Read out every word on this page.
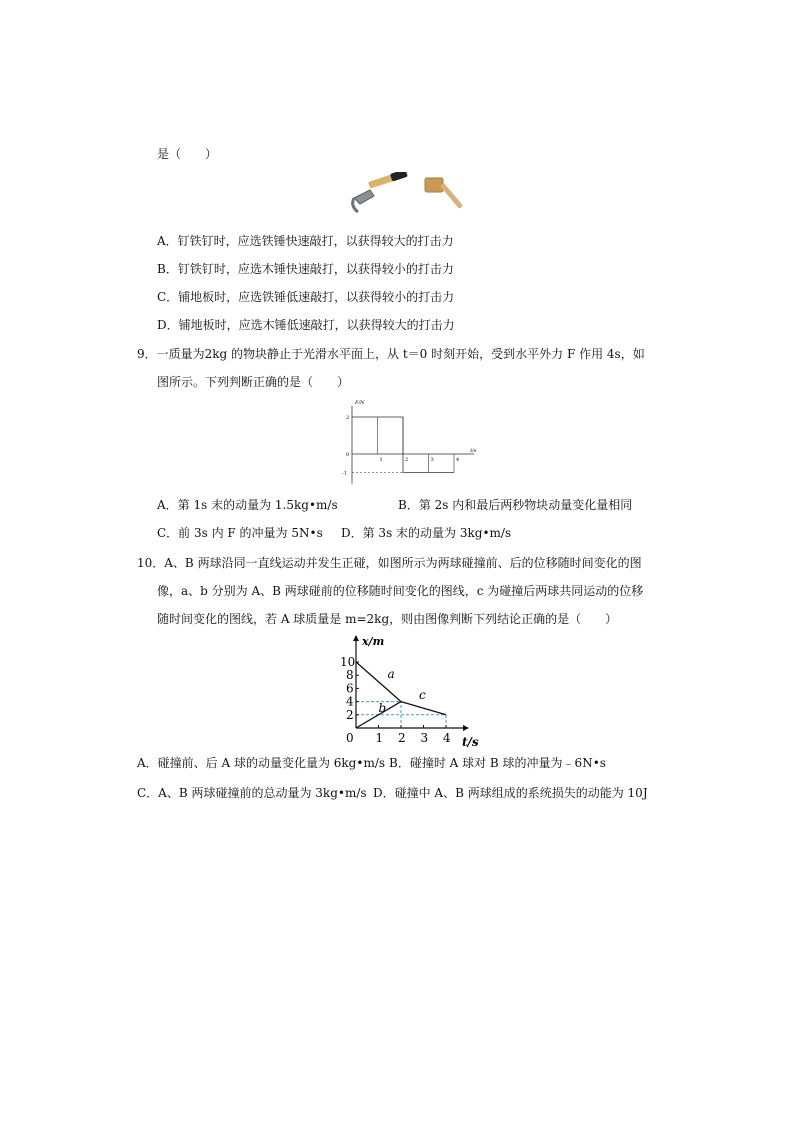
是（　　）
A．钉铁钉时，应选铁锤快速敲打，以获得较大的打击力
B．钉铁钉时，应选木锤快速敲打，以获得较小的打击力
C．铺地板时，应选铁锤低速敲打，以获得较小的打击力
D．铺地板时，应选木锤低速敲打，以获得较大的打击力
9．一质量为2kg 的物块静止于光滑水平面上，从 t＝0 时刻开始，受到水平外力 F 作用 4s，如
图所示。下列判断正确的是（　　）
F/N
t/s
1	2	3	4
2
0
-1
A．第 1s 末的动量为 1.5kg•m/s	B．第 2s 内和最后两秒物块动量变化量相同
C．前 3s 内 F 的冲量为 5N•s D．第 3s 末的动量为 3kg•m/s
10．A、B 两球沿同一直线运动并发生正碰，如图所示为两球碰撞前、后的位移随时间变化的图
像，a、b 分别为 A、B 两球碰前的位移随时间变化的图线，c 为碰撞后两球共同运动的位移
随时间变化的图线，若 A 球质量是 m=2kg，则由图像判断下列结论正确的是（　　）
x/m
t/s
a
b
c
0 1 2 3 4
10
8
6
4
2
A．碰撞前、后 A 球的动量变化量为 6kg•m/s B．碰撞时 A 球对 B 球的冲量为﹣6N•s
C．A、B 两球碰撞前的总动量为 3kg•m/s D．碰撞中 A、B 两球组成的系统损失的动能为 10J
